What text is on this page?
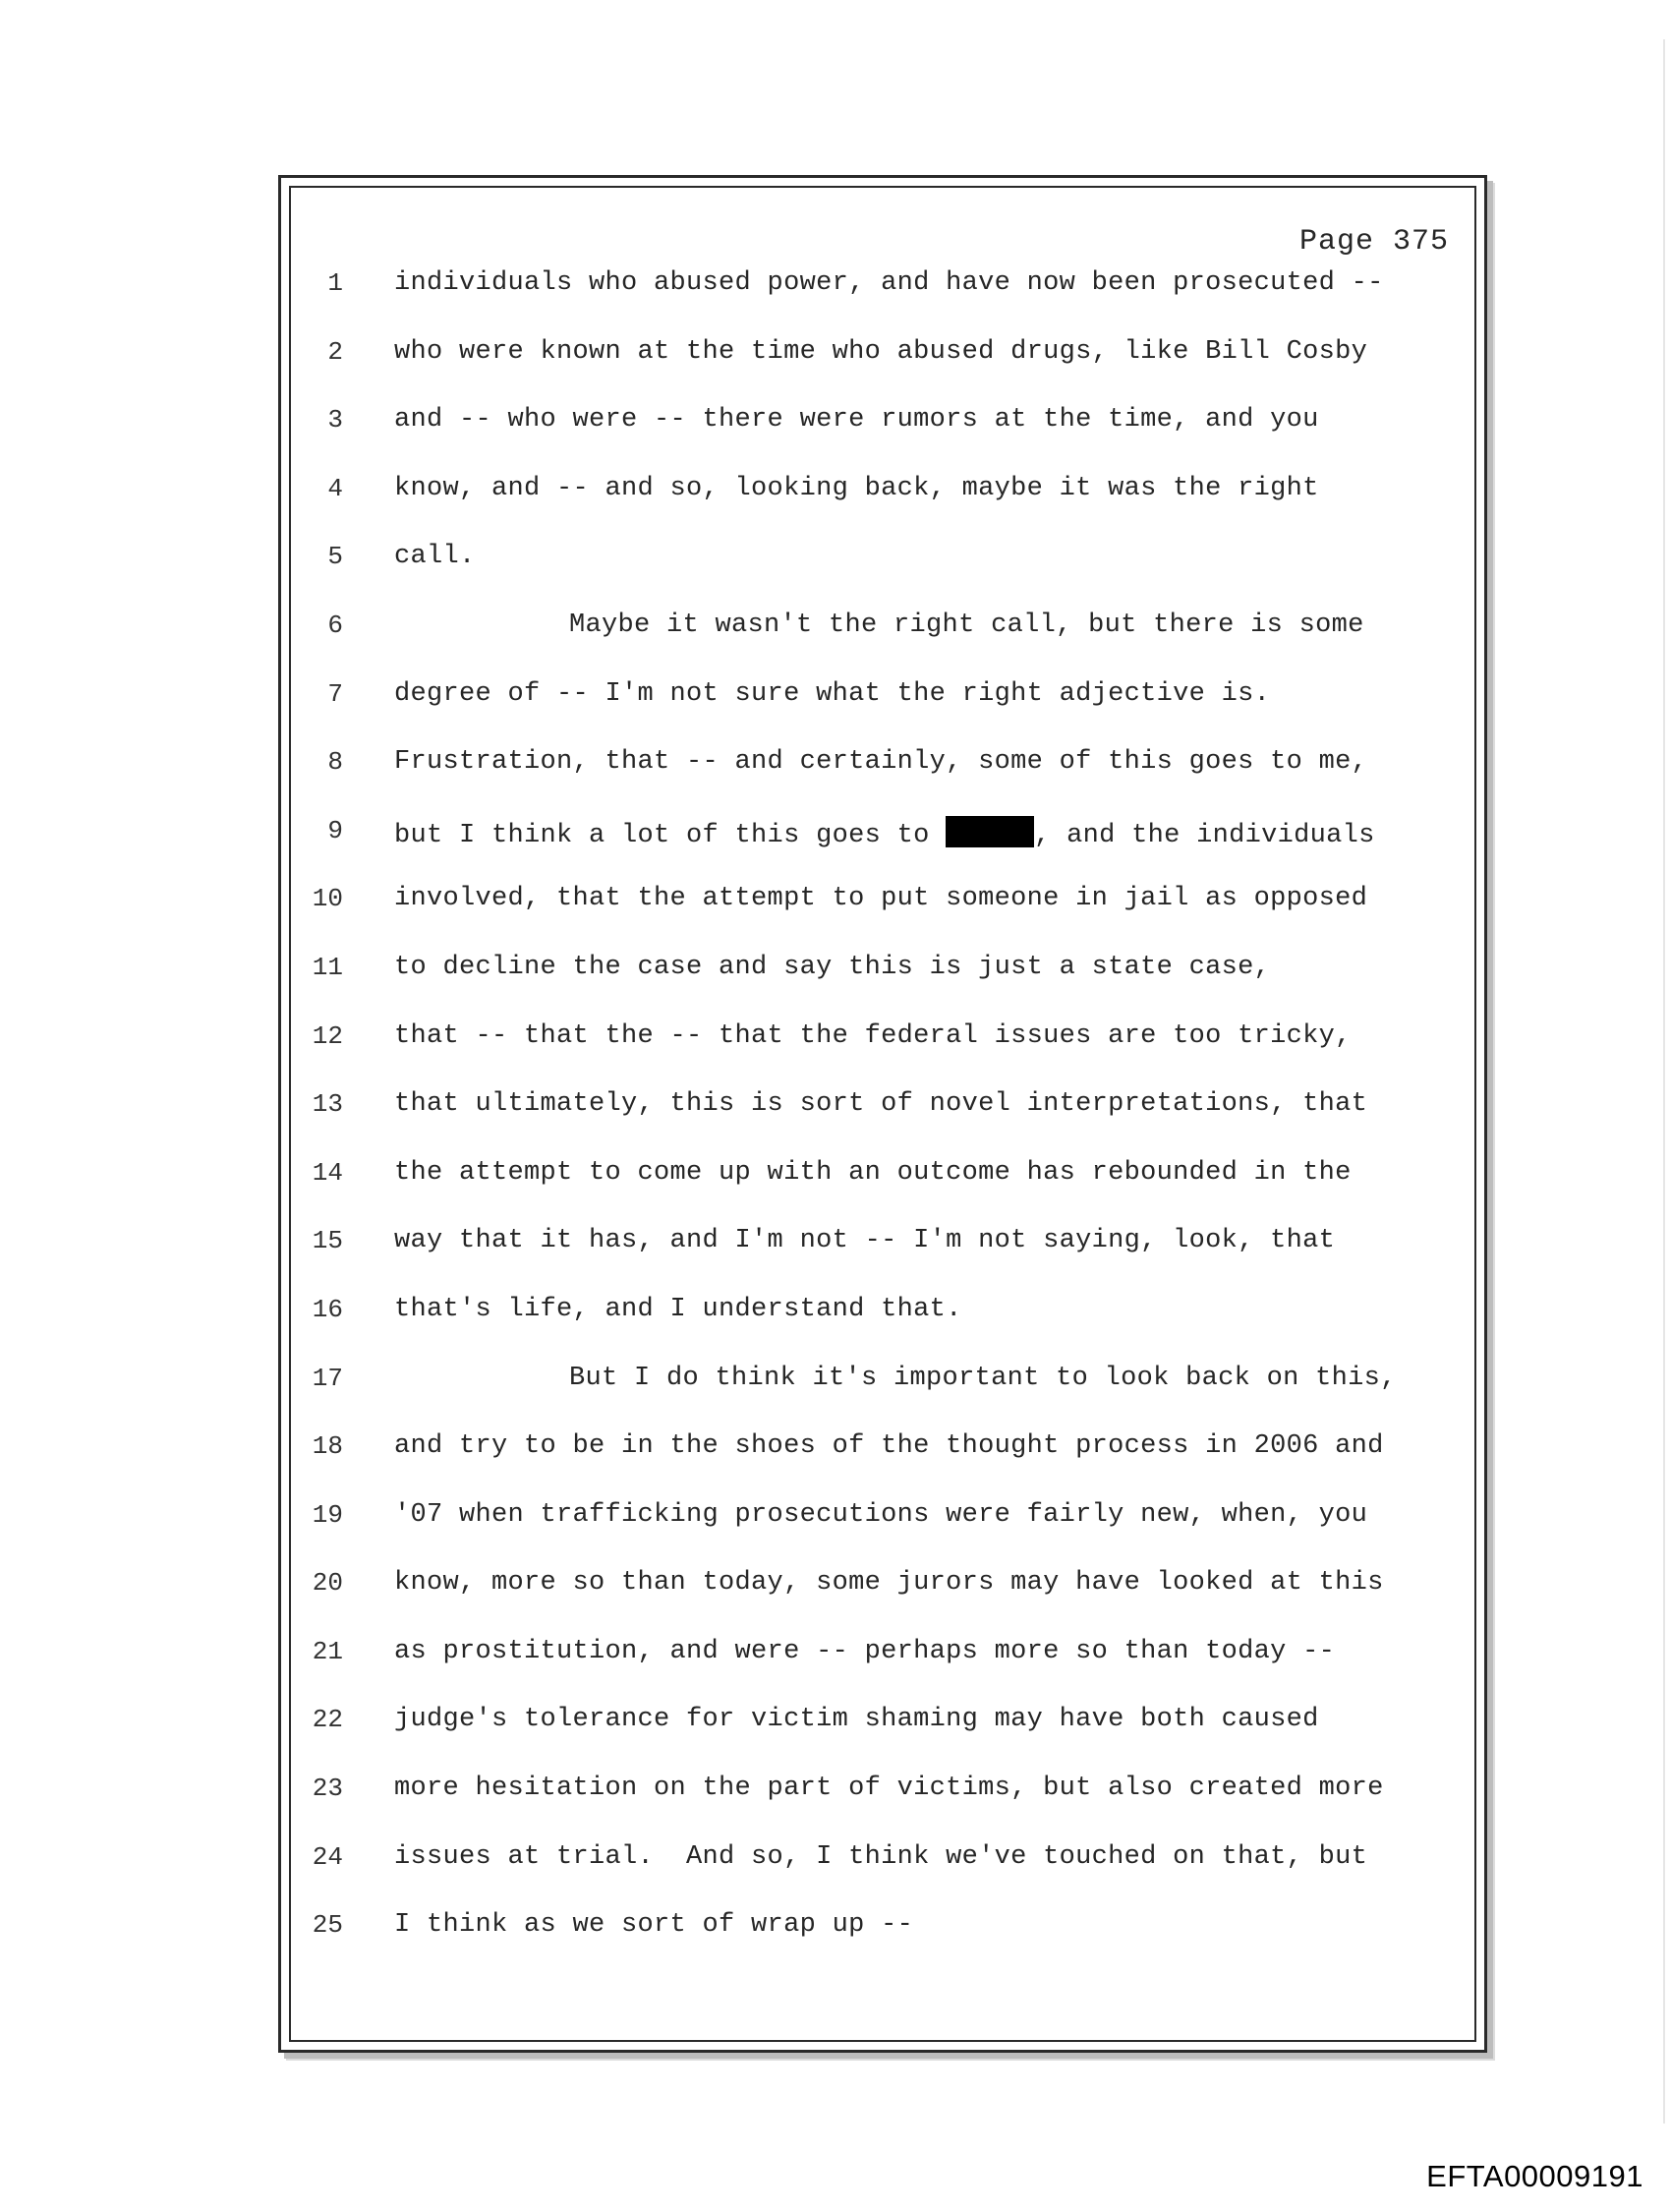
Page 375
1 individuals who abused power, and have now been prosecuted --
2 who were known at the time who abused drugs, like Bill Cosby
3 and -- who were -- there were rumors at the time, and you
4 know, and -- and so, looking back, maybe it was the right
5 call.
6	Maybe it wasn't the right call, but there is some
7 degree of -- I'm not sure what the right adjective is.
8 Frustration, that -- and certainly, some of this goes to me,
9 but I think a lot of this goes to	, and the individuals
10 involved, that the attempt to put someone in jail as opposed
11 to decline the case and say this is just a state case,
12 that -- that the -- that the federal issues are too tricky,
13 that ultimately, this is sort of novel interpretations, that
14 the attempt to come up with an outcome has rebounded in the
15 way that it has, and I'm not -- I'm not saying, look, that
16 that's life, and I understand that.
17	But I do think it's important to look back on this,
18 and try to be in the shoes of the thought process in 2006 and
19 '07 when trafficking prosecutions were fairly new, when, you
20 know, more so than today, some jurors may have looked at this
21 as prostitution, and were -- perhaps more so than today --
22 judge's tolerance for victim shaming may have both caused
23 more hesitation on the part of victims, but also created more
24 issues at trial.  And so, I think we've touched on that, but
25 I think as we sort of wrap up --
EFTA00009191
